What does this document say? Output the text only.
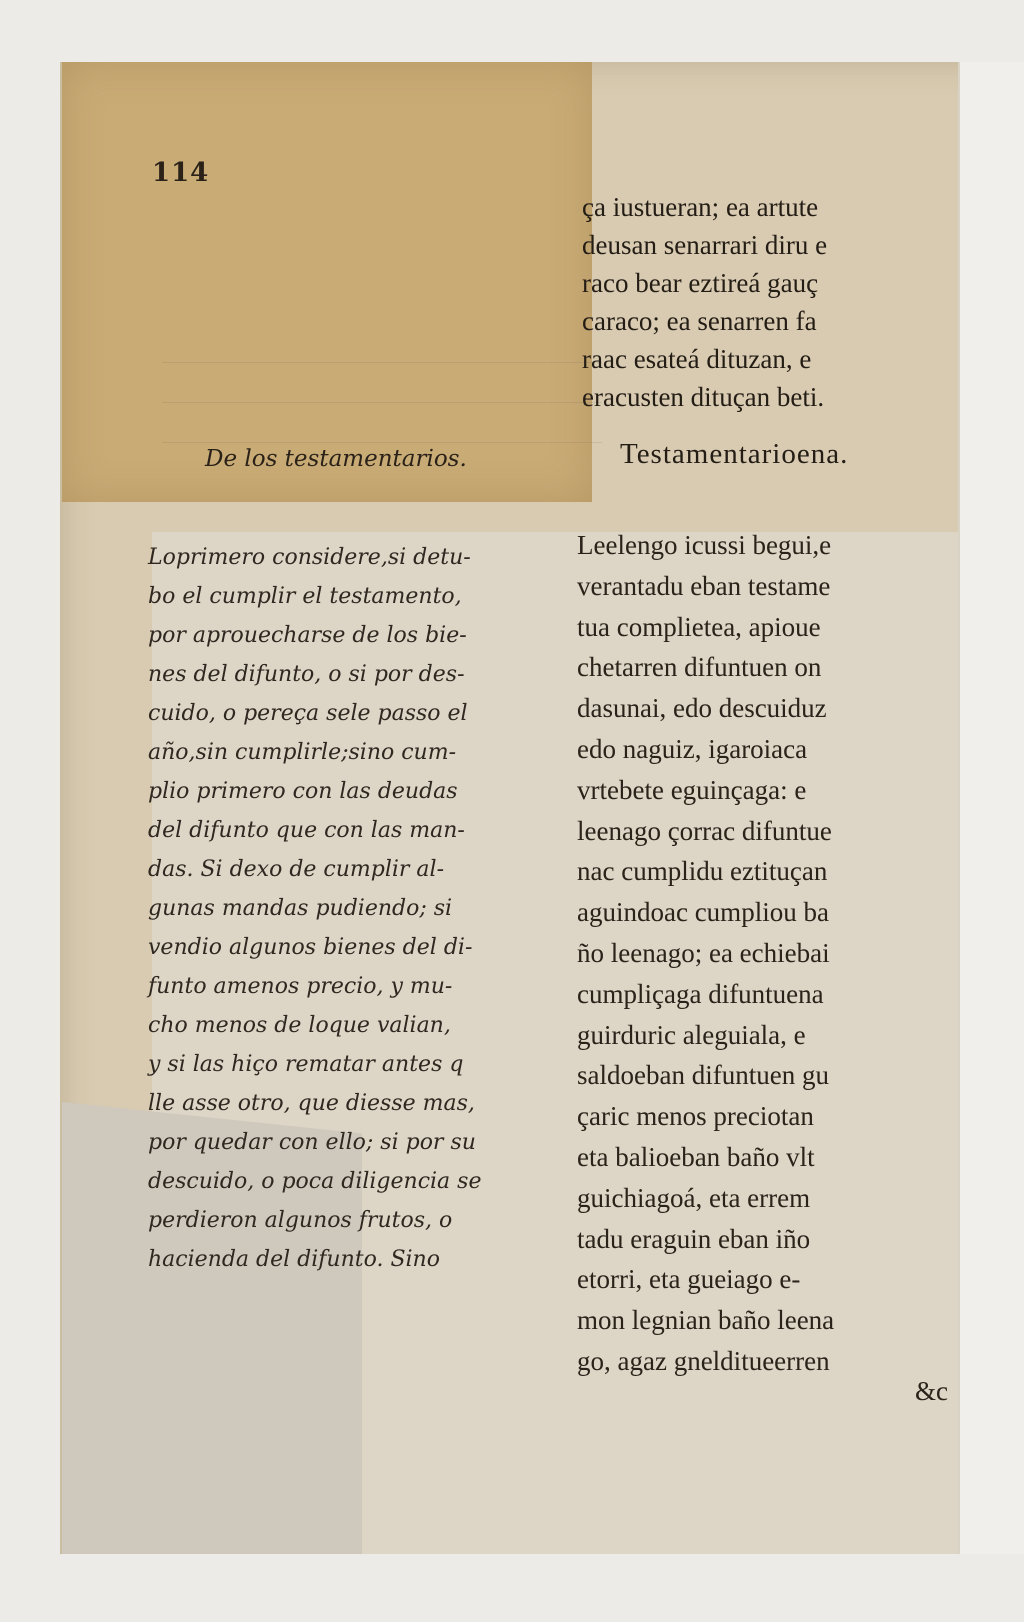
114
De los testamentarios.
Loprimero considere,si detu-
bo el cumplir el testamento,
por aprouecharse de los bie-
nes del difunto, o si por des-
cuido, o pereça sele passo el
año,sin cumplirle;sino cum-
plio primero con las deudas
del difunto que con las man-
das. Si dexo de cumplir al-
gunas mandas pudiendo; si
vendio algunos bienes del di-
funto amenos precio, y mu-
cho menos de loque valian,
y si las hiço rematar antes q
lle asse otro, que diesse mas,
por quedar con ello; si por su
descuido, o poca diligencia se
perdieron algunos frutos, o
hacienda del difunto. Sino
ça iustueran; ea artute
deusan senarrari diru e
raco bear eztireá gauç
caraco; ea senarren fa
raac esateá dituzan, e
eracusten dituçan beti.
Testamentarioena.
Leelengo icussi begui,e
verantadu eban testame
tua complietea, apioue
chetarren difuntuen on
dasunai, edo descuiduz
edo naguiz, igaroiaca
vrtebete eguinçaga: e
leenago çorrac difuntue
nac cumplidu eztituçan
aguindoac cumpliou ba
ño leenago; ea echiebai
cumpliçaga difuntuena
guirduric aleguiala, e
saldoeban difuntuen gu
çaric menos preciotan
eta balioeban baño vlt
guichiagoá, eta errem
tadu eraguin eban iño
etorri, eta gueiago e-
mon legnian baño leena
go, agaz gnelditueerren
&c
